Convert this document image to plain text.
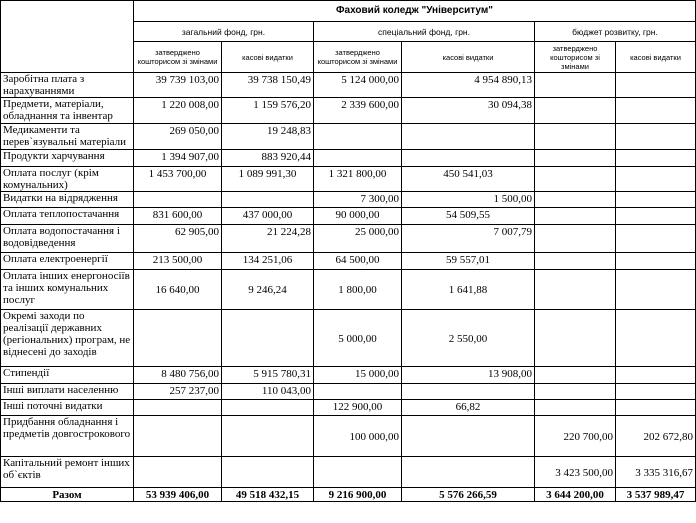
	Фаховий коледж "Університум"					
	загальний фонд, грн.		спеціальний фонд, грн.		бюджет розвитку, грн.	
	затверджено кошторисом зі змінами	касові видатки	затверджено кошторисом зі змінами	касові видатки	затверджено кошторисом зі змінами	касові видатки
Заробітна плата з нарахуваннями	39 739 103,00	39 738 150,49	5 124 000,00	4 954 890,13		
Предмети, матеріали, обладнання та інвентар	1 220 008,00	1 159 576,20	2 339 600,00	30 094,38		
Медикаменти та перев`язувальні матеріали	269 050,00	19 248,83				
Продукти харчування	1 394 907,00	883 920,44				
Оплата послуг (крім комунальних)	1 453 700,00	1 089 991,30	1 321 800,00	450 541,03		
Видатки на відрядження			7 300,00	1 500,00		
Оплата теплопостачання	831 600,00	437 000,00	90 000,00	54 509,55		
Оплата водопостачання і водовідведення	62 905,00	21 224,28	25 000,00	7 007,79		
Оплата електроенергії	213 500,00	134 251,06	64 500,00	59 557,01		
Оплата інших енергоносіїв та інших комунальних послуг	16 640,00	9 246,24	1 800,00	1 641,88		
Окремі заходи по реалізації державних (регіональних) програм, не віднесені до заходів			5 000,00	2 550,00		
Стипендії	8 480 756,00	5 915 780,31	15 000,00	13 908,00		
Інші виплати населенню	257 237,00	110 043,00				
Інші поточні видатки			122 900,00	66,82		
Придбання обладнання і предметів довгострокового			100 000,00		220 700,00	202 672,80
Капітальний ремонт інших об`єктів					3 423 500,00	3 335 316,67
Разом	53 939 406,00	49 518 432,15	9 216 900,00	5 576 266,59	3 644 200,00	3 537 989,47
